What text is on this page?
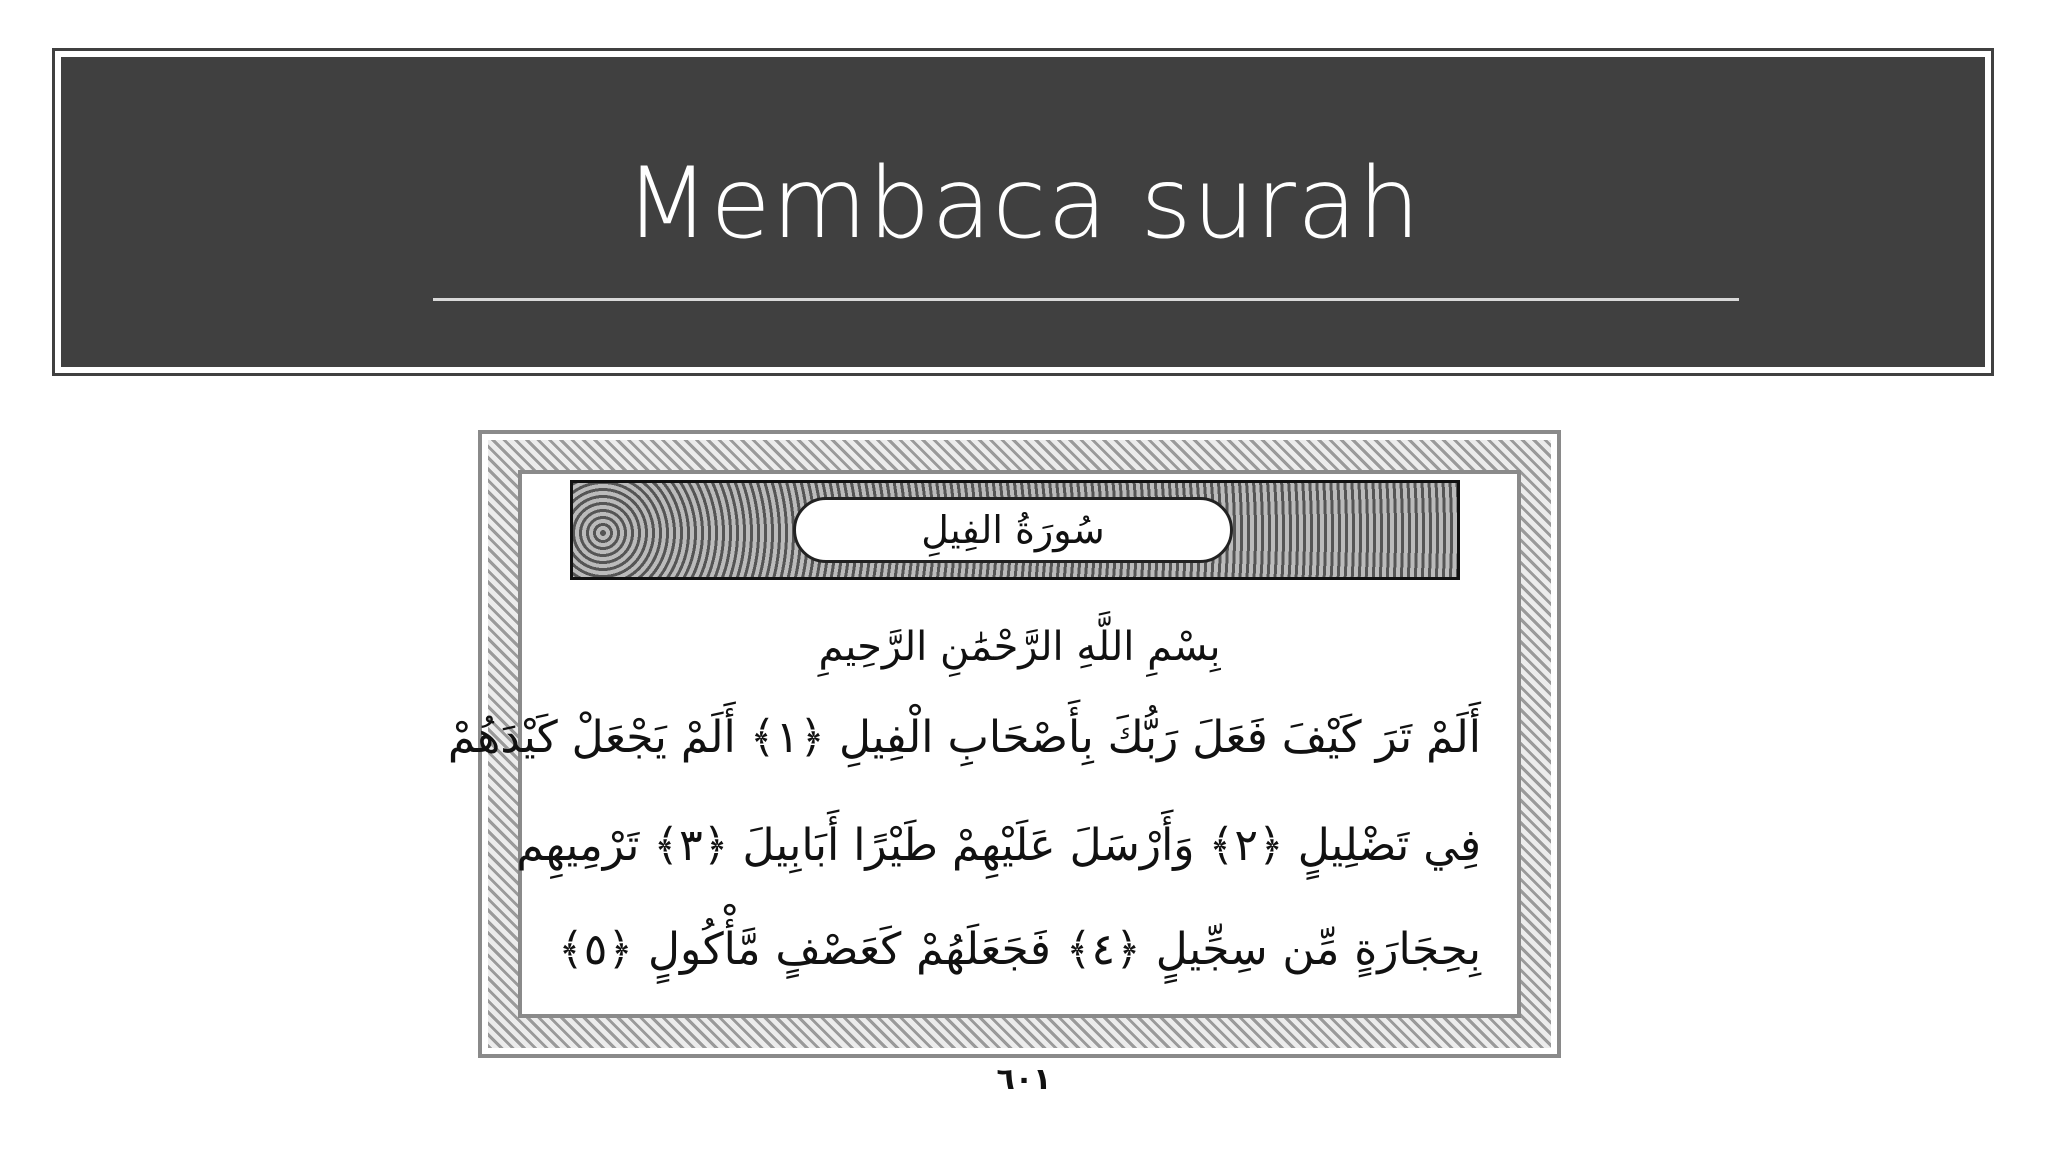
Membaca surah
سُورَةُ الفِيلِ
بِسْمِ اللَّهِ الرَّحْمَٰنِ الرَّحِيمِ
أَلَمْ تَرَ كَيْفَ فَعَلَ رَبُّكَ بِأَصْحَابِ الْفِيلِ ﴿١﴾ أَلَمْ يَجْعَلْ كَيْدَهُمْ
فِي تَضْلِيلٍ ﴿٢﴾ وَأَرْسَلَ عَلَيْهِمْ طَيْرًا أَبَابِيلَ ﴿٣﴾ تَرْمِيهِم
بِحِجَارَةٍ مِّن سِجِّيلٍ ﴿٤﴾ فَجَعَلَهُمْ كَعَصْفٍ مَّأْكُولٍ ﴿٥﴾
٦٠١
